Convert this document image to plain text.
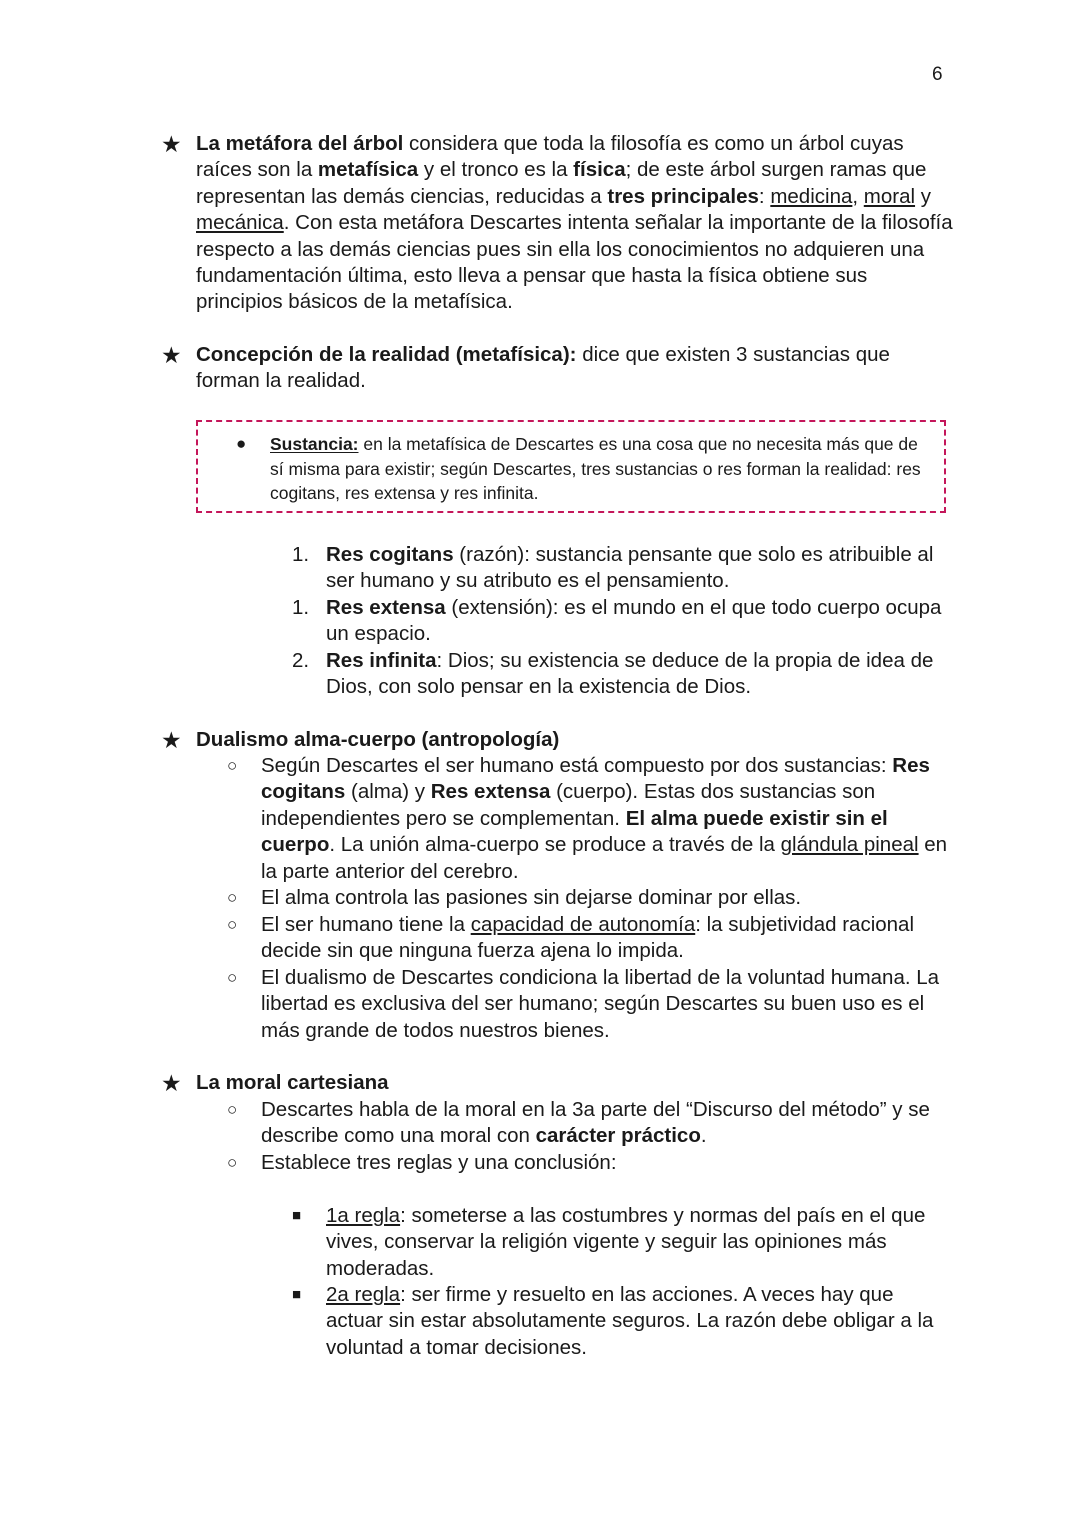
6
★ La metáfora del árbol considera que toda la filosofía es como un árbol cuyas raíces son la metafísica y el tronco es la física; de este árbol surgen ramas que representan las demás ciencias, reducidas a tres principales: medicina, moral y mecánica. Con esta metáfora Descartes intenta señalar la importante de la filosofía respecto a las demás ciencias pues sin ella los conocimientos no adquieren una fundamentación última, esto lleva a pensar que hasta la física obtiene sus principios básicos de la metafísica.
★ Concepción de la realidad (metafísica): dice que existen 3 sustancias que forman la realidad.
● Sustancia: en la metafísica de Descartes es una cosa que no necesita más que de sí misma para existir; según Descartes, tres sustancias o res forman la realidad: res cogitans, res extensa y res infinita.
1. Res cogitans (razón): sustancia pensante que solo es atribuible al ser humano y su atributo es el pensamiento.
1. Res extensa (extensión): es el mundo en el que todo cuerpo ocupa un espacio.
2. Res infinita: Dios; su existencia se deduce de la propia de idea de Dios, con solo pensar en la existencia de Dios.
★ Dualismo alma-cuerpo (antropología)
○ Según Descartes el ser humano está compuesto por dos sustancias: Res cogitans (alma) y Res extensa (cuerpo). Estas dos sustancias son independientes pero se complementan. El alma puede existir sin el cuerpo. La unión alma-cuerpo se produce a través de la glándula pineal en la parte anterior del cerebro.
○ El alma controla las pasiones sin dejarse dominar por ellas.
○ El ser humano tiene la capacidad de autonomía: la subjetividad racional decide sin que ninguna fuerza ajena lo impida.
○ El dualismo de Descartes condiciona la libertad de la voluntad humana. La libertad es exclusiva del ser humano; según Descartes su buen uso es el más grande de todos nuestros bienes.
★ La moral cartesiana
○ Descartes habla de la moral en la 3a parte del “Discurso del método” y se describe como una moral con carácter práctico.
○ Establece tres reglas y una conclusión:
■ 1a regla: someterse a las costumbres y normas del país en el que vives, conservar la religión vigente y seguir las opiniones más moderadas.
■ 2a regla: ser firme y resuelto en las acciones. A veces hay que actuar sin estar absolutamente seguros. La razón debe obligar a la voluntad a tomar decisiones.
